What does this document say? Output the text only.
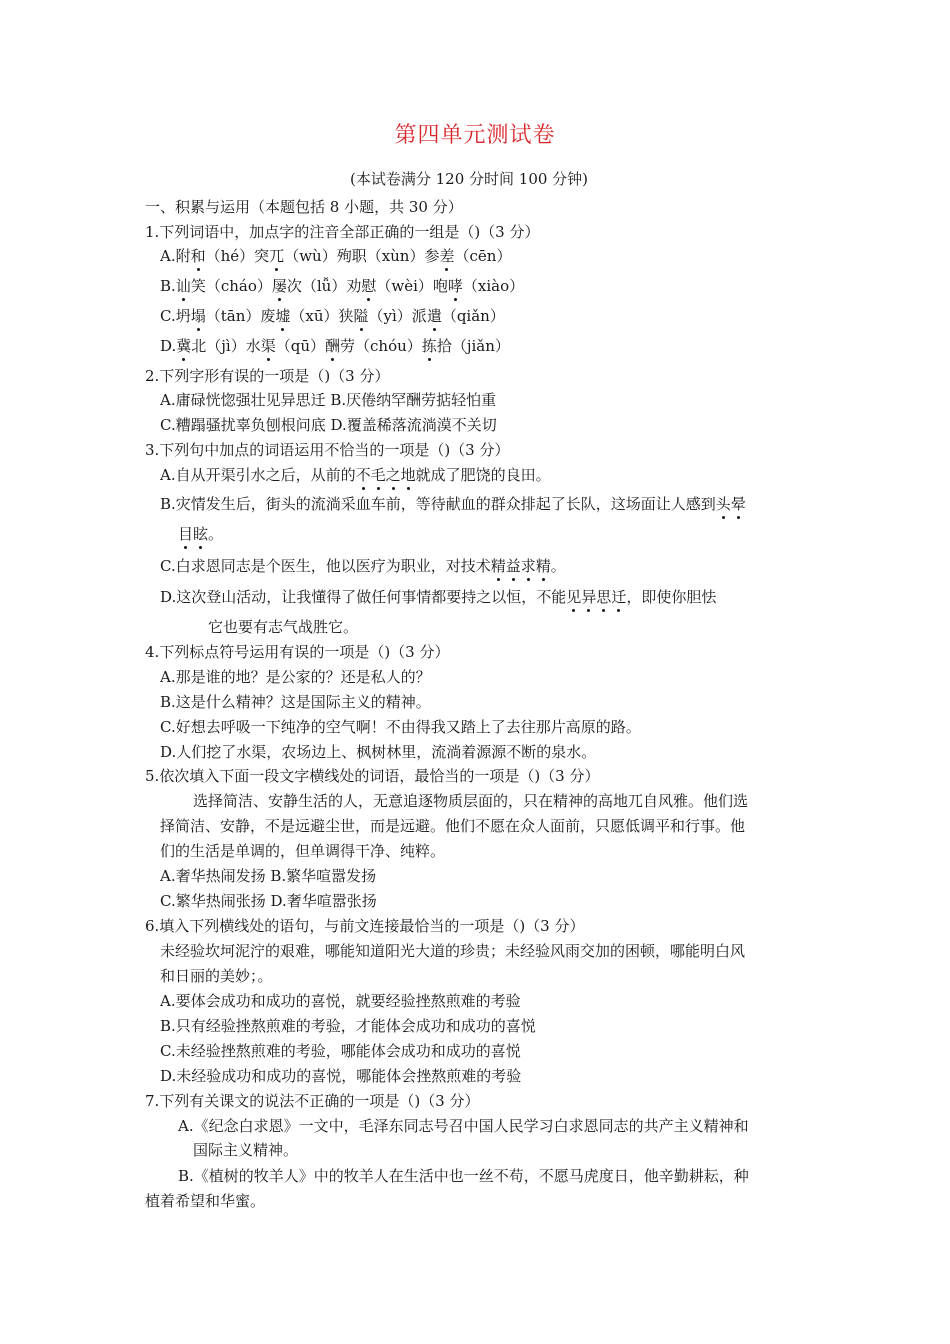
第四单元测试卷
(本试卷满分 120 分时间 100 分钟)
一、积累与运用（本题包括 8 小题，共 30 分）
1.下列词语中，加点字的注音全部正确的一组是（)（3 分）
A.附和（hé）突兀（wù）殉职（xùn）参差（cēn）
B.讪笑（cháo）屡次（lǚ）劝慰（wèi）咆哮（xiào）
C.坍塌（tān）废墟（xū）狭隘（yì）派遣（qiǎn）
D.冀北（jì）水渠（qū）酬劳（chóu）拣拾（jiǎn）
2.下列字形有误的一项是（)（3 分）
A.庸碌恍惚强壮见异思迁 B.厌倦纳罕酬劳掂轻怕重
C.糟蹋骚扰辜负刨根问底 D.覆盖稀落流淌漠不关切
3.下列句中加点的词语运用不恰当的一项是（)（3 分）
A.自从开渠引水之后，从前的不毛之地就成了肥饶的良田。
B.灾情发生后，街头的流淌采血车前，等待献血的群众排起了长队，这场面让人感到头晕
目眩。
C.白求恩同志是个医生，他以医疗为职业，对技术精益求精。
D.这次登山活动，让我懂得了做任何事情都要持之以恒，不能见异思迁，即使你胆怯
它也要有志气战胜它。
4.下列标点符号运用有误的一项是（)（3 分）
A.那是谁的地？是公家的？还是私人的？
B.这是什么精神？这是国际主义的精神。
C.好想去呼吸一下纯净的空气啊！不由得我又踏上了去往那片高原的路。
D.人们挖了水渠，农场边上、枫树林里，流淌着源源不断的泉水。
5.依次填入下面一段文字横线处的词语，最恰当的一项是（)（3 分）
选择简洁、安静生活的人，无意追逐物质层面的，只在精神的高地兀自风雅。他们选
择简洁、安静，不是远避尘世，而是远避。他们不愿在众人面前，只愿低调平和行事。他
们的生活是单调的，但单调得干净、纯粹。
A.奢华热闹发扬 B.繁华喧嚣发扬
C.繁华热闹张扬 D.奢华喧嚣张扬
6.填入下列横线处的语句，与前文连接最恰当的一项是（)（3 分）
未经验坎坷泥泞的艰难，哪能知道阳光大道的珍贵；未经验风雨交加的困顿，哪能明白风
和日丽的美妙；。
A.要体会成功和成功的喜悦，就要经验挫熬煎难的考验
B.只有经验挫熬煎难的考验，才能体会成功和成功的喜悦
C.未经验挫熬煎难的考验，哪能体会成功和成功的喜悦
D.未经验成功和成功的喜悦，哪能体会挫熬煎难的考验
7.下列有关课文的说法不正确的一项是（)（3 分）
A.《纪念白求恩》一文中，毛泽东同志号召中国人民学习白求恩同志的共产主义精神和
国际主义精神。
B.《植树的牧羊人》中的牧羊人在生活中也一丝不苟，不愿马虎度日，他辛勤耕耘，种
植着希望和华蜜。
